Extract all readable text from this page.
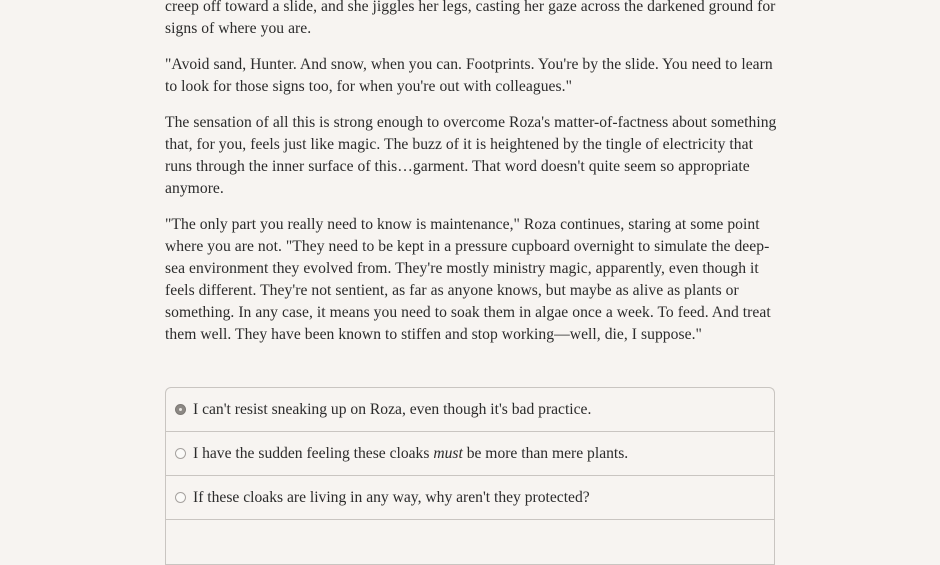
creep off toward a slide, and she jiggles her legs, casting her gaze across the darkened ground for signs of where you are.

"Avoid sand, Hunter. And snow, when you can. Footprints. You're by the slide. You need to learn to look for those signs too, for when you're out with colleagues."

The sensation of all this is strong enough to overcome Roza's matter-of-factness about something that, for you, feels just like magic. The buzz of it is heightened by the tingle of electricity that runs through the inner surface of this…garment. That word doesn't quite seem so appropriate anymore.

"The only part you really need to know is maintenance," Roza continues, staring at some point where you are not. "They need to be kept in a pressure cupboard overnight to simulate the deep-sea environment they evolved from. They're mostly ministry magic, apparently, even though it feels different. They're not sentient, as far as anyone knows, but maybe as alive as plants or something. In any case, it means you need to soak them in algae once a week. To feed. And treat them well. They have been known to stiffen and stop working—well, die, I suppose."

I can't resist sneaking up on Roza, even though it's bad practice.
I have the sudden feeling these cloaks must be more than mere plants.
If these cloaks are living in any way, why aren't they protected?
